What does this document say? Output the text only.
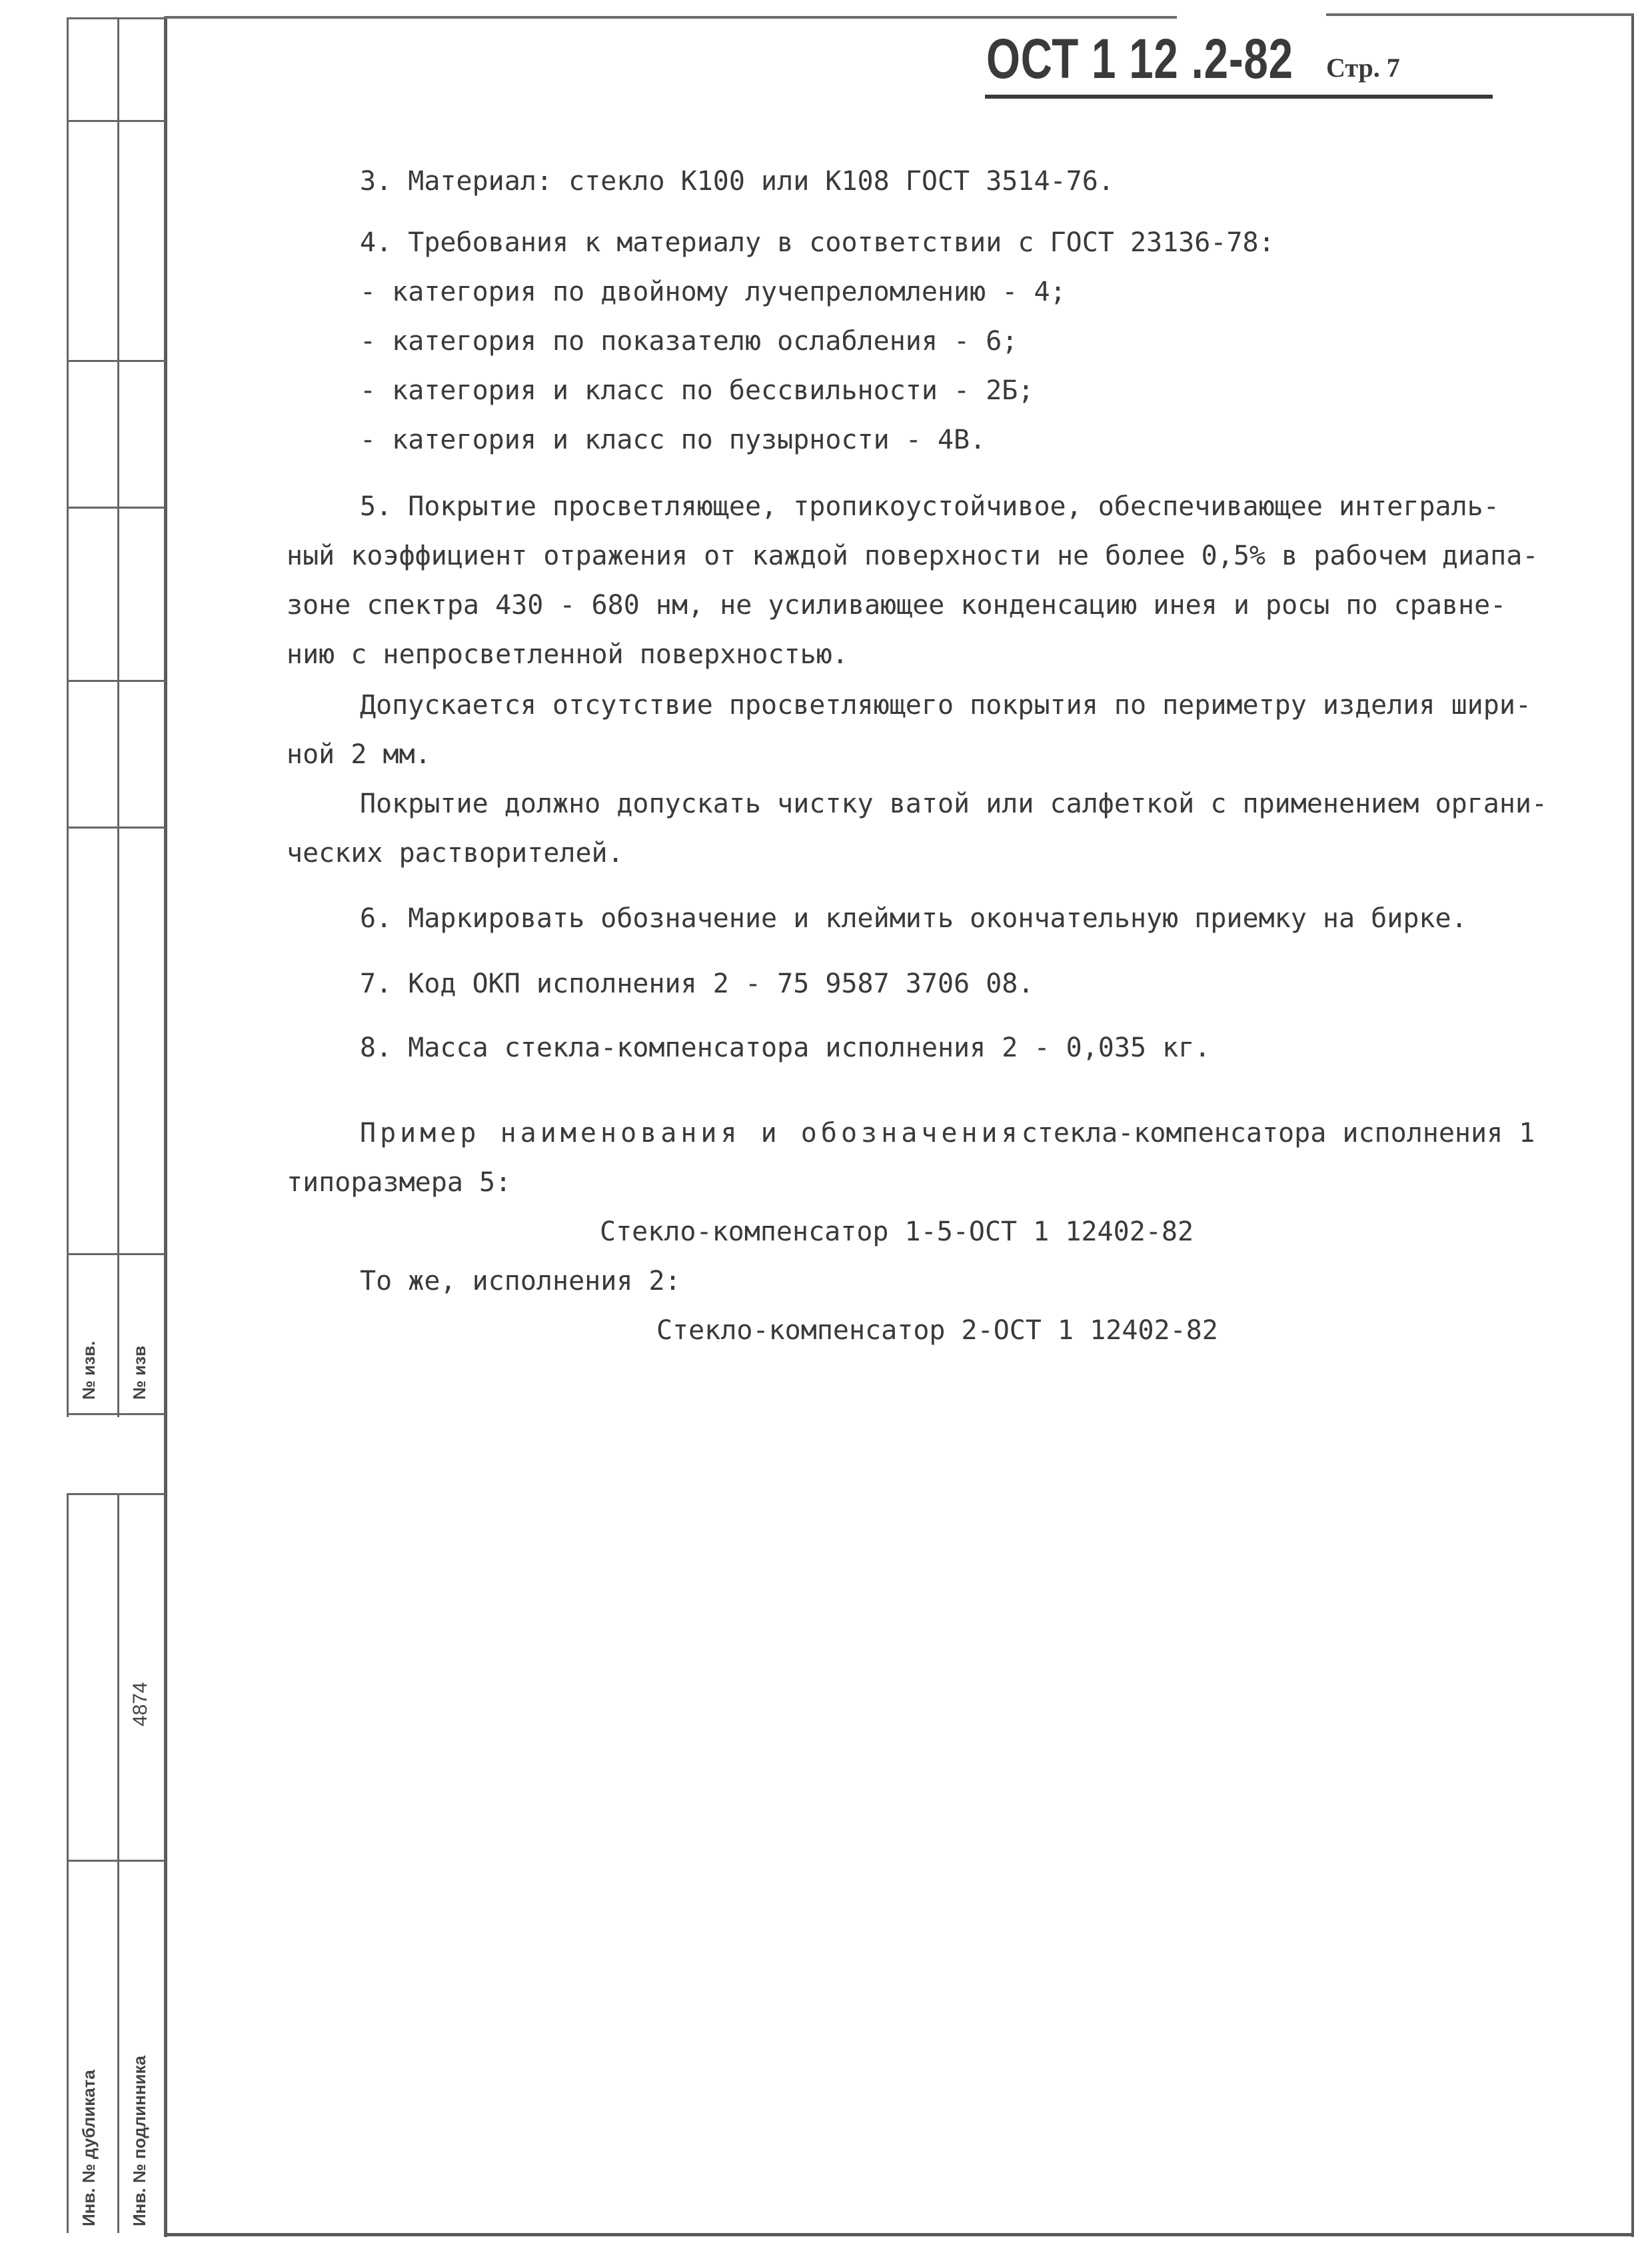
№ изв. № изв
4874
Инв. № дубликата Инв. № подлинника
ОСТ 1 12 .2-82 Стр. 7
3. Материал: стекло К100 или К108 ГОСТ 3514-76.
4. Требования к материалу в соответствии с ГОСТ 23136-78:
- категория по двойному лучепреломлению - 4;
- категория по показателю ослабления - 6;
- категория и класс по бессвильности - 2Б;
- категория и класс по пузырности - 4В.
5. Покрытие просветляющее, тропикоустойчивое, обеспечивающее интеграль-
ный коэффициент отражения от каждой поверхности не более 0,5% в рабочем диапа-
зоне спектра 430 - 680 нм, не усиливающее конденсацию инея и росы по сравне-
нию с непросветленной поверхностью.
Допускается отсутствие просветляющего покрытия по периметру изделия шири-
ной 2 мм.
Покрытие должно допускать чистку ватой или салфеткой с применением органи-
ческих растворителей.
6. Маркировать обозначение и клеймить окончательную приемку на бирке.
7. Код ОКП исполнения 2 - 75 9587 3706 08.
8. Масса стекла-компенсатора исполнения 2 - 0,035 кг.
Пример наименования и обозначения стекла-компенсатора исполнения 1
типоразмера 5:
Стекло-компенсатор 1-5-ОСТ 1 12402-82
То же, исполнения 2:
Стекло-компенсатор 2-ОСТ 1 12402-82
